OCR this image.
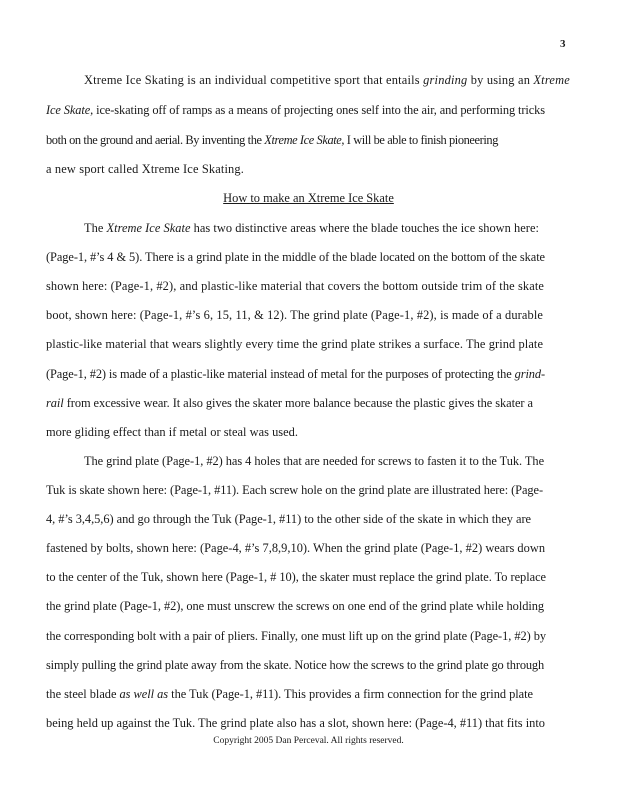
3
How to make an Xtreme Ice Skate

Xtreme Ice Skating is an individual competitive sport that entails grinding by using an Xtreme

Ice Skate, ice-skating off of ramps as a means of projecting ones self into the air, and performing tricks

both on the ground and aerial. By inventing the Xtreme Ice Skate, I will be able to finish pioneering

a new sport called Xtreme Ice Skating.

The Xtreme Ice Skate has two distinctive areas where the blade touches the ice shown here:

(Page-1, #’s 4 & 5). There is a grind plate in the middle of the blade located on the bottom of the skate

shown here: (Page-1, #2), and plastic-like material that covers the bottom outside trim of the skate

boot, shown here: (Page-1, #’s 6, 15, 11, & 12). The grind plate (Page-1, #2), is made of a durable

plastic-like material that wears slightly every time the grind plate strikes a surface. The grind plate

(Page-1, #2) is made of a plastic-like material instead of metal for the purposes of protecting the grind-

rail from excessive wear. It also gives the skater more balance because the plastic gives the skater a

more gliding effect than if metal or steal was used.

The grind plate (Page-1, #2) has 4 holes that are needed for screws to fasten it to the Tuk. The

Tuk is skate shown here: (Page-1, #11). Each screw hole on the grind plate are illustrated here: (Page-

4, #’s 3,4,5,6) and go through the Tuk (Page-1, #11) to the other side of the skate in which they are

fastened by bolts, shown here: (Page-4, #’s 7,8,9,10). When the grind plate (Page-1, #2) wears down

to the center of the Tuk, shown here (Page-1, # 10), the skater must replace the grind plate. To replace

the grind plate (Page-1, #2), one must unscrew the screws on one end of the grind plate while holding

the corresponding bolt with a pair of pliers. Finally, one must lift up on the grind plate (Page-1, #2) by

simply pulling the grind plate away from the skate. Notice how the screws to the grind plate go through

the steel blade as well as the Tuk (Page-1, #11). This provides a firm connection for the grind plate

being held up against the Tuk. The grind plate also has a slot, shown here: (Page-4, #11) that fits into

Copyright 2005 Dan Perceval. All rights reserved.
